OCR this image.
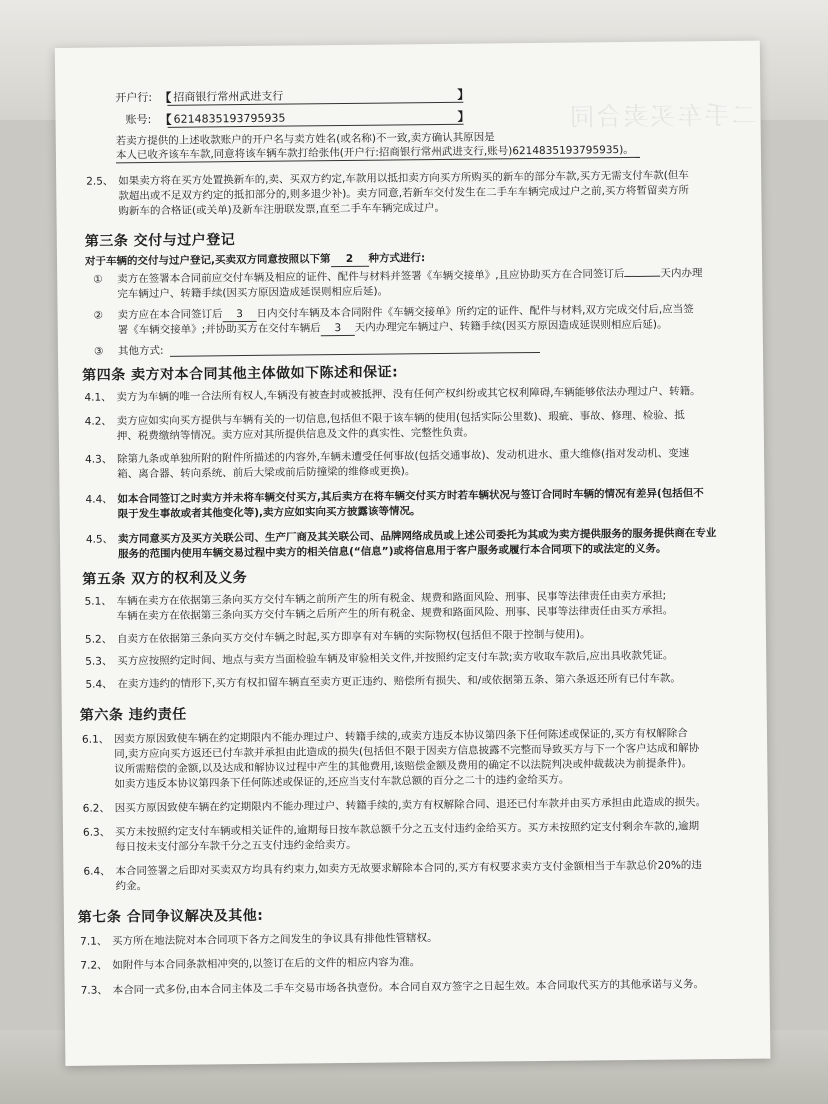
二手车买卖合同
开户行: 【 招商银行常州武进支行	】
账号: 【 6214835193795935	】
若卖方提供的上述收款账户的开户名与卖方姓名(或名称)不一致,卖方确认其原因是
本人已收齐该车车款,同意将该车辆车款打给张伟(开户行:招商银行常州武进支行,账号)6214835193795935)。
2.5、 如果卖方将在买方处置换新车的,卖、买双方约定,车款用以抵扣卖方向买方所购买的新车的部分车款,买方无需支付车款(但车
款超出或不足双方约定的抵扣部分的,则多退少补)。卖方同意,若新车交付发生在二手车车辆完成过户之前,买方将暂留卖方所
购新车的合格证(或关单)及新车注册联发票,直至二手车车辆完成过户。
第三条 交付与过户登记
对于车辆的交付与过户登记,买卖双方同意按照以下第 2 种方式进行:
① 卖方在签署本合同前应交付车辆及相应的证件、配件与材料并签署《车辆交接单》,且应协助买方在合同签订后	天内办理
完车辆过户、转籍手续(因买方原因造成延误则相应后延)。
② 卖方应在本合同签订后 3 日内交付车辆及本合同附件《车辆交接单》所约定的证件、配件与材料,双方完成交付后,应当签
署《车辆交接单》;并协助买方在交付车辆后 3 天内办理完车辆过户、转籍手续(因买方原因造成延误则相应后延)。
③ 其他方式:
第四条 卖方对本合同其他主体做如下陈述和保证:
4.1、 卖方为车辆的唯一合法所有权人,车辆没有被查封或被抵押、没有任何产权纠纷或其它权利障碍,车辆能够依法办理过户、转籍。
4.2、 卖方应如实向买方提供与车辆有关的一切信息,包括但不限于该车辆的使用(包括实际公里数)、瑕疵、事故、修理、检验、抵
押、税费缴纳等情况。卖方应对其所提供信息及文件的真实性、完整性负责。
4.3、 除第九条或单独所附的附件所描述的内容外,车辆未遭受任何事故(包括交通事故)、发动机进水、重大维修(指对发动机、变速
箱、离合器、转向系统、前后大梁或前后防撞梁的维修或更换)。
4.4、 如本合同签订之时卖方并未将车辆交付买方,其后卖方在将车辆交付买方时若车辆状况与签订合同时车辆的情况有差异(包括但不
限于发生事故或者其他变化等),卖方应如实向买方披露该等情况。
4.5、 卖方同意买方及买方关联公司、生产厂商及其关联公司、品牌网络成员或上述公司委托为其或为卖方提供服务的服务提供商在专业
服务的范围内使用车辆交易过程中卖方的相关信息(“信息”)或将信息用于客户服务或履行本合同项下的或法定的义务。
第五条 双方的权利及义务
5.1、 车辆在卖方在依据第三条向买方交付车辆之前所产生的所有税金、规费和路面风险、刑事、民事等法律责任由卖方承担;
车辆在卖方在依据第三条向买方交付车辆之后所产生的所有税金、规费和路面风险、刑事、民事等法律责任由买方承担。
5.2、 自卖方在依据第三条向买方交付车辆之时起,买方即享有对车辆的实际物权(包括但不限于控制与使用)。
5.3、 买方应按照约定时间、地点与卖方当面检验车辆及审验相关文件,并按照约定支付车款;卖方收取车款后,应出具收款凭证。
5.4、 在卖方违约的情形下,买方有权扣留车辆直至卖方更正违约、赔偿所有损失、和/或依据第五条、第六条返还所有已付车款。
第六条 违约责任
6.1、 因卖方原因致使车辆在约定期限内不能办理过户、转籍手续的,或卖方违反本协议第四条下任何陈述或保证的,买方有权解除合
同,卖方应向买方返还已付车款并承担由此造成的损失(包括但不限于因卖方信息披露不完整而导致买方与下一个客户达成和解协
议所需赔偿的金额,以及达成和解协议过程中产生的其他费用,该赔偿金额及费用的确定不以法院判决或仲裁裁决为前提条件)。
如卖方违反本协议第四条下任何陈述或保证的,还应当支付车款总额的百分之二十的违约金给买方。
6.2、 因买方原因致使车辆在约定期限内不能办理过户、转籍手续的,卖方有权解除合同、退还已付车款并由买方承担由此造成的损失。
6.3、 买方未按照约定支付车辆或相关证件的,逾期每日按车款总额千分之五支付违约金给买方。买方未按照约定支付剩余车款的,逾期
每日按未支付部分车款千分之五支付违约金给卖方。
6.4、 本合同签署之后即对买卖双方均具有约束力,如卖方无故要求解除本合同的,买方有权要求卖方支付金额相当于车款总价20%的违
约金。
第七条 合同争议解决及其他:
7.1、 买方所在地法院对本合同项下各方之间发生的争议具有排他性管辖权。
7.2、 如附件与本合同条款相冲突的,以签订在后的文件的相应内容为准。
7.3、 本合同一式多份,由本合同主体及二手车交易市场各执壹份。本合同自双方签字之日起生效。本合同取代买方的其他承诺与义务。
